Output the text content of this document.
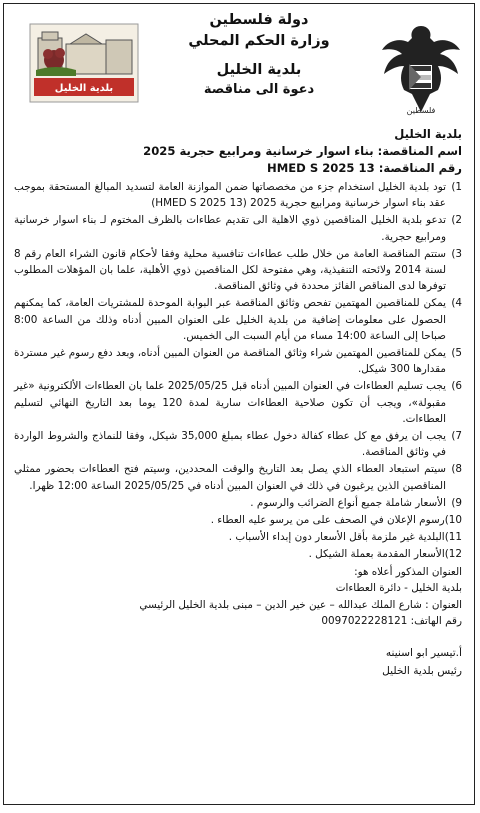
فلسطين
دولة فلسطين
وزارة الحكم المحلي
بلدية الخليل
دعوة الى مناقصة
بلدية الخليل
بلدية الخليل
اسم المناقصة: بناء اسوار خرسانية ومرابيع حجرية 2025
رقم المناقصة: 13 HMED S 2025
1)
تود بلدية الخليل استخدام جزء من مخصصاتها ضمن الموازنة العامة لتسديد المبالغ المستحقة بموجب عقد بناء اسوار خرسانية ومرابيع حجرية 2025 (13 HMED S 2025)
2)
تدعو بلدية الخليل المناقصين ذوي الاهلية الى تقديم عطاءات بالظرف المختوم لـ بناء اسوار خرسانية ومرابيع حجرية.
3)
ستتم المناقصة العامة من خلال طلب عطاءات تنافسية محلية وفقا لأحكام قانون الشراء العام رقم 8 لسنة 2014 ولائحته التنفيذية، وهي مفتوحة لكل المناقصين ذوي الأهلية، علما بان المؤهلات المطلوب توفرها لدى المناقص الفائز محددة في وثائق المناقصة.
4)
يمكن للمناقصين المهتمين تفحص وثائق المناقصة عبر البوابة الموحدة للمشتريات العامة، كما يمكنهم الحصول على معلومات إضافية من بلدية الخليل على العنوان المبين أدناه وذلك من الساعة 8:00 صباحا إلى الساعة 14:00 مساء من أيام السبت الى الخميس.
5)
يمكن للمناقصين المهتمين شراء وثائق المناقصة من العنوان المبين أدناه، وبعد دفع رسوم غير مستردة مقدارها 300 شيكل.
6)
يجب تسليم العطاءات في العنوان المبين أدناه قبل 2025/05/25 علما بان العطاءات الألكترونية «غير مقبولة»، ويجب أن تكون صلاحية العطاءات سارية لمدة 120 يوما بعد التاريخ النهائي لتسليم العطاءات.
7)
يجب ان يرفق مع كل عطاء كفالة دخول عطاء بمبلغ 35,000 شيكل، وفقا للنماذج والشروط الواردة في وثائق المناقصة.
8)
سيتم استبعاد العطاء الذي يصل بعد التاريخ والوقت المحددين، وسيتم فتح العطاءات بحضور ممثلي المناقصين الذين يرغبون في ذلك في العنوان المبين أدناه في 2025/05/25 الساعة 12:00 ظهرا.
9)
الأسعار شاملة جميع أنواع الضرائب والرسوم .
10)
رسوم الإعلان في الصحف على من يرسو عليه العطاء .
11)
البلدية غير ملزمة بأقل الأسعار دون إبداء الأسباب .
12)
الأسعار المقدمة بعملة الشيكل .
العنوان المذكور أعلاه هو:
بلدية الخليل - دائرة العطاءات
العنوان : شارع الملك عبدالله – عين خير الدين – مبنى بلدية الخليل الرئيسي
رقم الهاتف: 0097022228121
أ.تيسير ابو اسنينه
رئيس بلدية الخليل
